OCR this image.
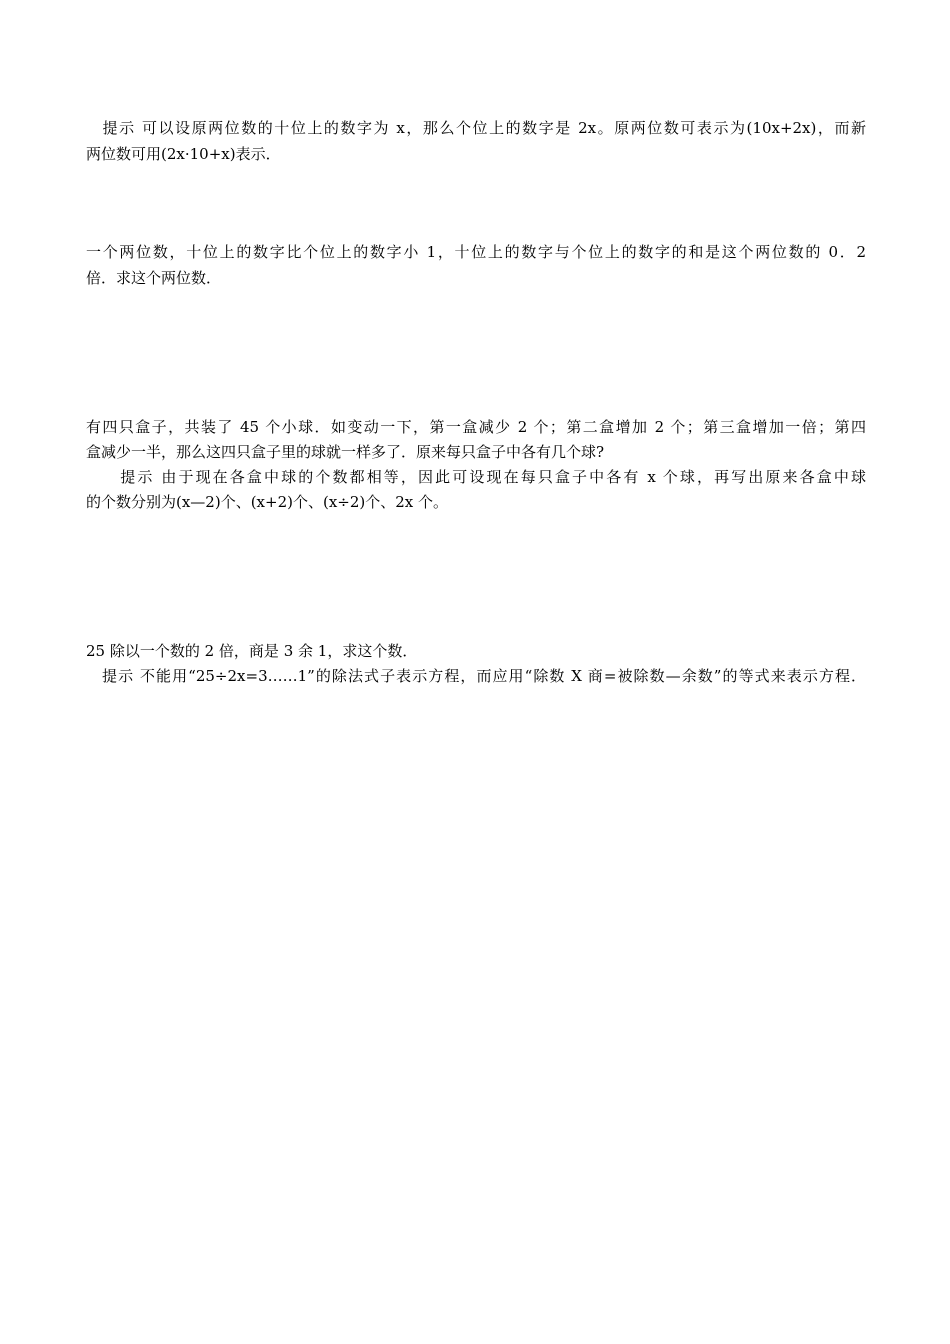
　提示 可以设原两位数的十位上的数字为 x，那么个位上的数字是 2x。原两位数可表示为(10x+2x)，而新
两位数可用(2x·10+x)表示．
一个两位数，十位上的数字比个位上的数字小 1，十位上的数字与个位上的数字的和是这个两位数的 0．2
倍．求这个两位数．
有四只盒子，共装了 45 个小球．如变动一下，第一盒减少 2 个；第二盒增加 2 个；第三盒增加一倍；第四
盒减少一半，那么这四只盒子里的球就一样多了．原来每只盒子中各有几个球?
　　提示 由于现在各盒中球的个数都相等，因此可设现在每只盒子中各有 x 个球，再写出原来各盒中球
的个数分别为(x—2)个、(x+2)个、(x÷2)个、2x 个。
25 除以一个数的 2 倍，商是 3 余 1，求这个数．
　提示 不能用“25÷2x=3……1”的除法式子表示方程，而应用“除数 X 商=被除数—余数”的等式来表示方程．
